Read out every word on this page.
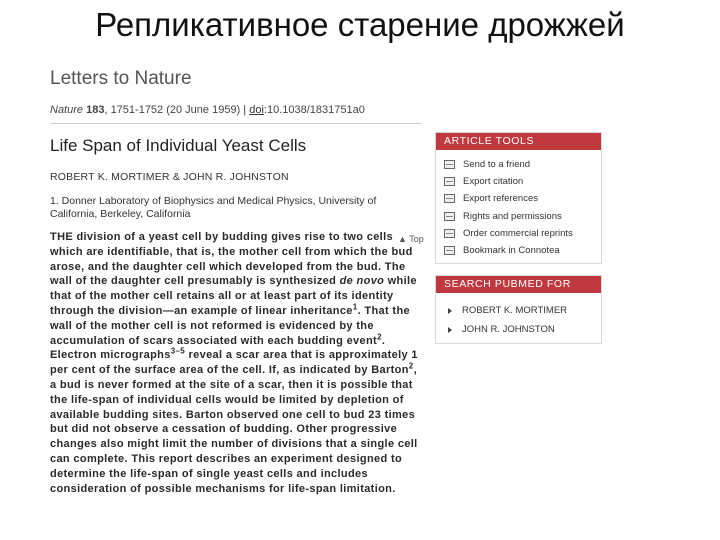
Репликативное старение дрожжей
Letters to Nature
Nature 183, 1751-1752 (20 June 1959) | doi:10.1038/1831751a0
Life Span of Individual Yeast Cells
ROBERT K. MORTIMER & JOHN R. JOHNSTON
1. Donner Laboratory of Biophysics and Medical Physics, University of California, Berkeley, California
THE division of a yeast cell by budding gives rise to two cells which are identifiable, that is, the mother cell from which the bud arose, and the daughter cell which developed from the bud. The wall of the daughter cell presumably is synthesized de novo while that of the mother cell retains all or at least part of its identity through the division—an example of linear inheritance$^1$. That the wall of the mother cell is not reformed is evidenced by the accumulation of scars associated with each budding event$^2$. Electron micrographs$^{3-5}$ reveal a scar area that is approximately 1 per cent of the surface area of the cell. If, as indicated by Barton$^2$, a bud is never formed at the site of a scar, then it is possible that the life-span of individual cells would be limited by depletion of available budding sites. Barton observed one cell to bud 23 times but did not observe a cessation of budding. Other progressive changes also might limit the number of divisions that a single cell can complete. This report describes an experiment designed to determine the life-span of single yeast cells and includes consideration of possible mechanisms for life-span limitation.
▲ Top
ARTICLE TOOLS
Send to a friend
Export citation
Export references
Rights and permissions
Order commercial reprints
Bookmark in Connotea
SEARCH PUBMED FOR
ROBERT K. MORTIMER
JOHN R. JOHNSTON
